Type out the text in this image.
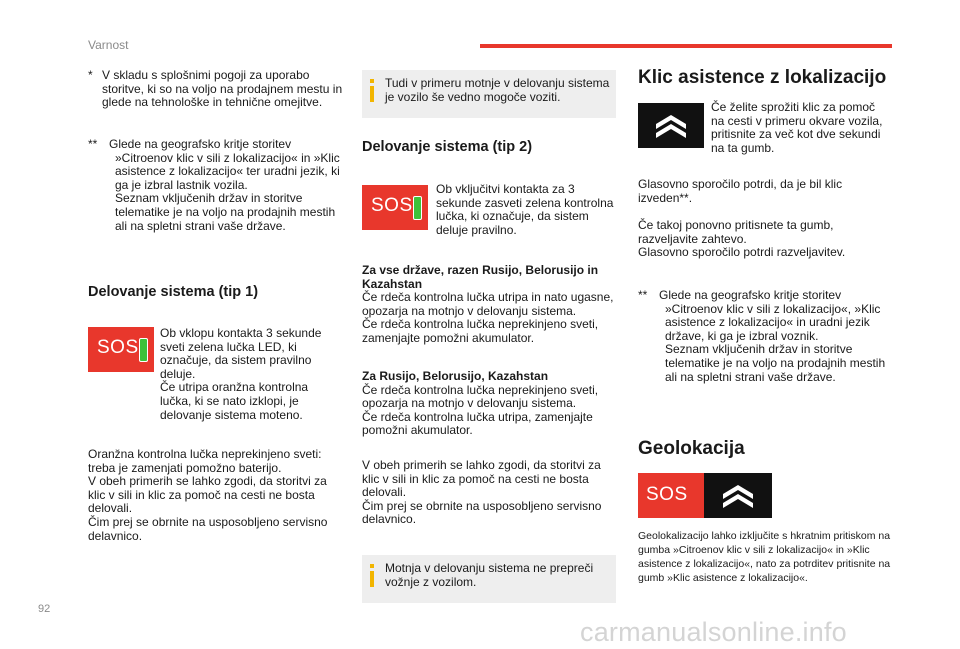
Varnost
* V skladu s splošnimi pogoji za uporabo storitve, ki so na voljo na prodajnem mestu in glede na tehnološke in tehnične omejitve.
** Glede na geografsko kritje storitev
»Citroenov klic v sili z lokalizacijo« in »Klic asistence z lokalizacijo« ter uradni jezik, ki ga je izbral lastnik vozila.
Seznam vključenih držav in storitve telematike je na voljo na prodajnih mestih ali na spletni strani vaše države.
Delovanje sistema (tip 1)
SOS
Ob vklopu kontakta 3 sekunde sveti zelena lučka LED, ki označuje, da sistem pravilno deluje.
Če utripa oranžna kontrolna lučka, ki se nato izklopi, je delovanje sistema moteno.
Oranžna kontrolna lučka neprekinjeno sveti: treba je zamenjati pomožno baterijo.
V obeh primerih se lahko zgodi, da storitvi za klic v sili in klic za pomoč na cesti ne bosta delovali.
Čim prej se obrnite na usposobljeno servisno delavnico.
Tudi v primeru motnje v delovanju sistema je vozilo še vedno mogoče voziti.
Delovanje sistema (tip 2)
SOS
Ob vključitvi kontakta za 3 sekunde zasveti zelena kontrolna lučka, ki označuje, da sistem deluje pravilno.
Za vse države, razen Rusijo, Belorusijo in Kazahstan
Če rdeča kontrolna lučka utripa in nato ugasne, opozarja na motnjo v delovanju sistema.
Če rdeča kontrolna lučka neprekinjeno sveti, zamenjajte pomožni akumulator.
Za Rusijo, Belorusijo, Kazahstan
Če rdeča kontrolna lučka neprekinjeno sveti, opozarja na motnjo v delovanju sistema.
Če rdeča kontrolna lučka utripa, zamenjajte pomožni akumulator.
V obeh primerih se lahko zgodi, da storitvi za klic v sili in klic za pomoč na cesti ne bosta delovali.
Čim prej se obrnite na usposobljeno servisno delavnico.
Motnja v delovanju sistema ne prepreči vožnje z vozilom.
Klic asistence z lokalizacijo
Če želite sprožiti klic za pomoč na cesti v primeru okvare vozila, pritisnite za več kot dve sekundi na ta gumb.
Glasovno sporočilo potrdi, da je bil klic izveden**.
Če takoj ponovno pritisnete ta gumb, razveljavite zahtevo.
Glasovno sporočilo potrdi razveljavitev.
** Glede na geografsko kritje storitev
»Citroenov klic v sili z lokalizacijo«, »Klic asistence z lokalizacijo« in uradni jezik države, ki ga je izbral voznik.
Seznam vključenih držav in storitve telematike je na voljo na prodajnih mestih ali na spletni strani vaše države.
Geolokacija
SOS
Geolokalizacijo lahko izključite s hkratnim pritiskom na gumba »Citroenov klic v sili z lokalizacijo« in »Klic asistence z lokalizacijo«, nato za potrditev pritisnite na gumb »Klic asistence z lokalizacijo«.
92
carmanualsonline.info
